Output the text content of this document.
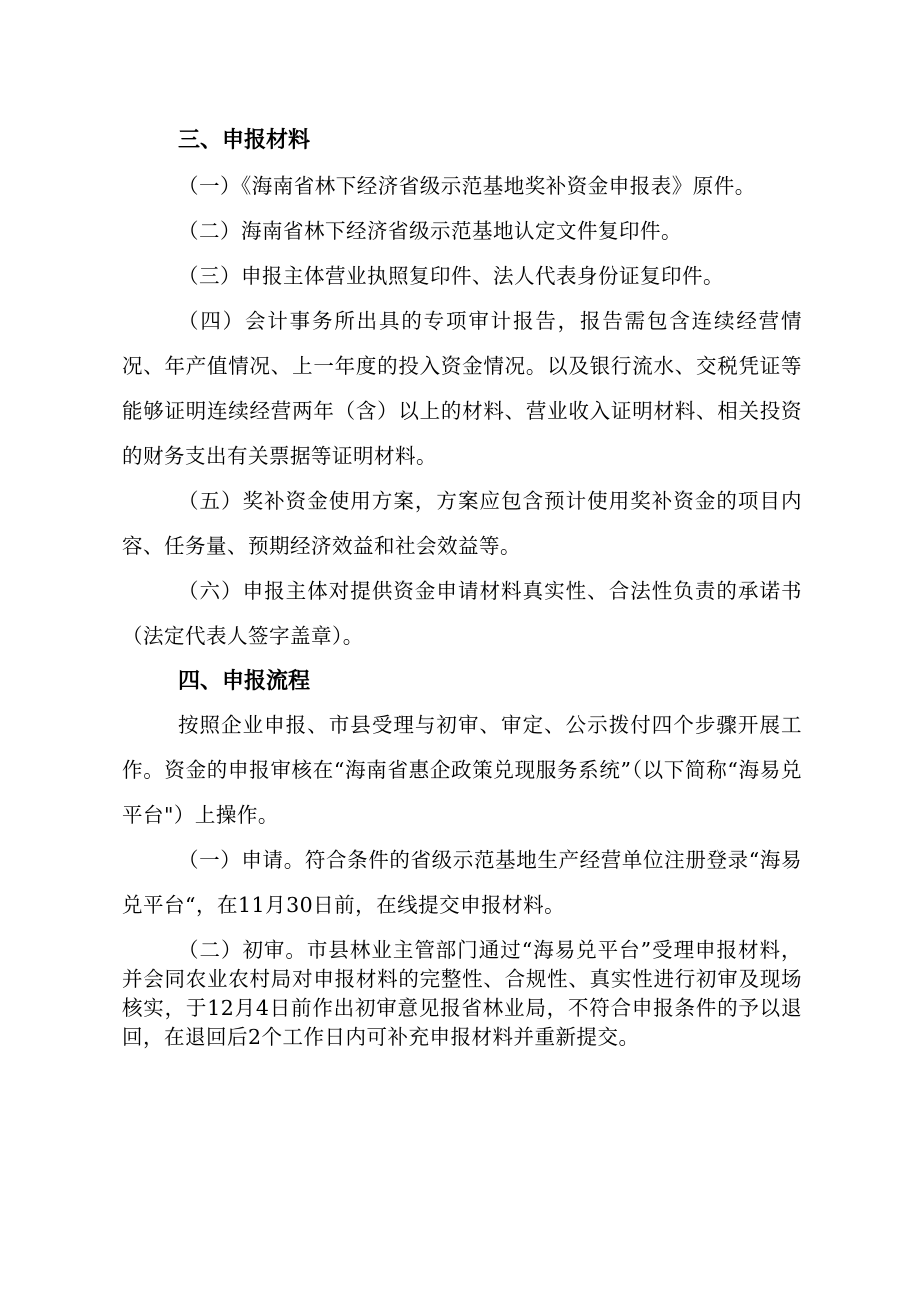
三、申报材料

（一）《海南省林下经济省级示范基地奖补资金申报表》原件。

（二）海南省林下经济省级示范基地认定文件复印件。

（三）申报主体营业执照复印件、法人代表身份证复印件。

（四）会计事务所出具的专项审计报告，报告需包含连续经营情况、年产值情况、上一年度的投入资金情况。以及银行流水、交税凭证等能够证明连续经营两年（含）以上的材料、营业收入证明材料、相关投资的财务支出有关票据等证明材料。

（五）奖补资金使用方案，方案应包含预计使用奖补资金的项目内容、任务量、预期经济效益和社会效益等。

（六）申报主体对提供资金申请材料真实性、合法性负责的承诺书（法定代表人签字盖章）。

四、申报流程

按照企业申报、市县受理与初审、审定、公示拨付四个步骤开展工作。资金的申报审核在“海南省惠企政策兑现服务系统”（以下简称“海易兑平台"）上操作。

（一）申请。符合条件的省级示范基地生产经营单位注册登录“海易兑平台“，在11月30日前，在线提交申报材料。

（二）初审。市县林业主管部门通过“海易兑平台”受理申报材料，并会同农业农村局对申报材料的完整性、合规性、真实性进行初审及现场核实，于12月4日前作出初审意见报省林业局，不符合申报条件的予以退回，在退回后2个工作日内可补充申报材料并重新提交。
